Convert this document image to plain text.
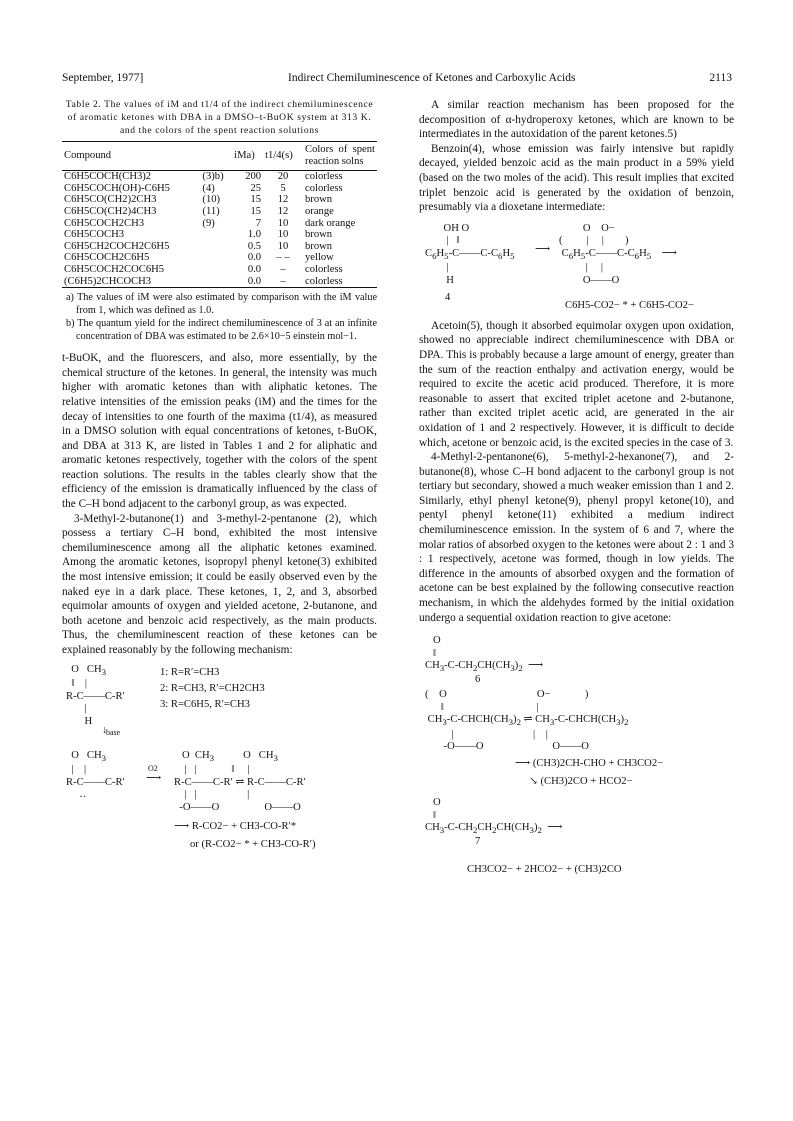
September, 1977]	Indirect Chemiluminescence of Ketones and Carboxylic Acids	2113
Table 2. The values of iM and t1/4 of the indirect chemiluminescence of aromatic ketones with DBA in a DMSO–t-BuOK system at 313 K. and the colors of the spent reaction solutions
Compound		iMa)	t1/4(s)	Colors of spent reaction solns
C6H5COCH(CH3)2	(3)b)	200	20	colorless
C6H5COCH(OH)-C6H5	(4)	25	5	colorless
C6H5CO(CH2)2CH3	(10)	15	12	brown
C6H5CO(CH2)4CH3	(11)	15	12	orange
C6H5COCH2CH3	(9)	7	10	dark orange
C6H5COCH3		1.0	10	brown
C6H5CH2COCH2C6H5		0.5	10	brown
C6H5COCH2C6H5		0.0	– –	yellow
C6H5COCH2COC6H5		0.0	–	colorless
(C6H5)2CHCOCH3		0.0	–	colorless

a) The values of iM were also estimated by comparison with the iM value from 1, which was defined as 1.0.

b) The quantum yield for the indirect chemiluminescence of 3 at an infinite concentration of DBA was estimated to be 2.6×10−5 einstein mol−1.

t-BuOK, and the fluorescers, and also, more essentially, by the chemical structure of the ketones. In general, the intensity was much higher with aromatic ketones than with aliphatic ketones. The relative intensities of the emission peaks (iM) and the times for the decay of intensities to one fourth of the maxima (t1/4), as measured in a DMSO solution with equal concentrations of ketones, t-BuOK, and DBA at 313 K, are listed in Tables 1 and 2 for aliphatic and aromatic ketones respectively, together with the colors of the spent reaction solutions. The results in the tables clearly show that the efficiency of the emission is dramatically influenced by the class of the C–H bond adjacent to the carbonyl group, as was expected.

3-Methyl-2-butanone(1) and 3-methyl-2-pentanone (2), which possess a tertiary C–H bond, exhibited the most intensive chemiluminescence among all the aliphatic ketones examined. Among the aromatic ketones, isopropyl phenyl ketone(3) exhibited the most intensive emission; it could be easily observed even by the naked eye in a dark place. These ketones, 1, 2, and 3, absorbed equimolar amounts of oxygen and yielded acetone, 2-butanone, and both acetone and benzoic acid respectively, as the main products. Thus, the chemiluminescent reaction of these ketones can be explained reasonably by the following mechanism:

O   $CH_3$
‖    |
R-C——C-R′
|
H
1: R=R′=CH3
2: R=CH3, R′=CH2CH3
3: R=C6H5, R′=CH3
base
↓
O   $CH_3$
|    |
R-C——C-R′
‥
O2
⟶
O  $CH_3$           O   $CH_3$
|   |             ‖     |
R-C——C-R′ ⇌ R-C——C-R′
|   |                   |
-O——O                 O——O
⟶ R-CO2− + CH3-CO-R′*
or (R-CO2− * + CH3-CO-R′)

A similar reaction mechanism has been proposed for the decomposition of α-hydroperoxy ketones, which are known to be intermediates in the autoxidation of the parent ketones.5)

Benzoin(4), whose emission was fairly intensive but rapidly decayed, yielded benzoic acid as the main product in a 59% yield (based on the two moles of the acid). This result implies that excited triplet benzoic acid is generated by the oxidation of benzoin, presumably via a dioxetane intermediate:

OH O
|   ‖
$C_6H_5-C——C-C_6H_5$
|
H
4
⟶
O    O−
(         |     |        )
$C_6H_5-C——C-C_6H_5$    ⟶
|     |
O——O
C6H5-CO2− * + C6H5-CO2−

Acetoin(5), though it absorbed equimolar oxygen upon oxidation, showed no appreciable indirect chemiluminescence with DBA or DPA. This is probably because a large amount of energy, greater than the sum of the reaction enthalpy and activation energy, would be required to excite the acetic acid produced. Therefore, it is more reasonable to assert that excited triplet acetone and 2-butanone, rather than excited triplet acetic acid, are generated in the air oxidation of 1 and 2 respectively. However, it is difficult to decide which, acetone or benzoic acid, is the excited species in the case of 3.

4-Methyl-2-pentanone(6), 5-methyl-2-hexanone(7), and 2-butanone(8), whose C–H bond adjacent to the carbonyl group is not tertiary but secondary, showed a much weaker emission than 1 and 2. Similarly, ethyl phenyl ketone(9), phenyl propyl ketone(10), and pentyl phenyl ketone(11) exhibited a medium indirect chemiluminescence emission. In the system of 6 and 7, where the molar ratios of absorbed oxygen to the ketones were about 2 : 1 and 3 : 1 respectively, acetone was formed, though in low yields. The difference in the amounts of absorbed oxygen and the formation of acetone can be best explained by the following consecutive reaction mechanism, in which the aldehydes formed by the initial oxidation undergo a sequential oxidation reaction to give acetone:

O
‖
$CH_3-C-CH_2CH(CH_3)_2$  ⟶
6
(    O                                  O−             )
‖                                   |
$CH_3-C-CHCH(CH_3)_2$ ⇌ $CH_3-C-CHCH(CH_3)_2$
|                              |    |
-O——O                          O——O
⟶ (CH3)2CH-CHO + CH3CO2−
↘ (CH3)2CO + HCO2−
O
‖
$CH_3-C-CH_2CH_2CH(CH_3)_2$  ⟶
7
CH3CO2− + 2HCO2− + (CH3)2CO
